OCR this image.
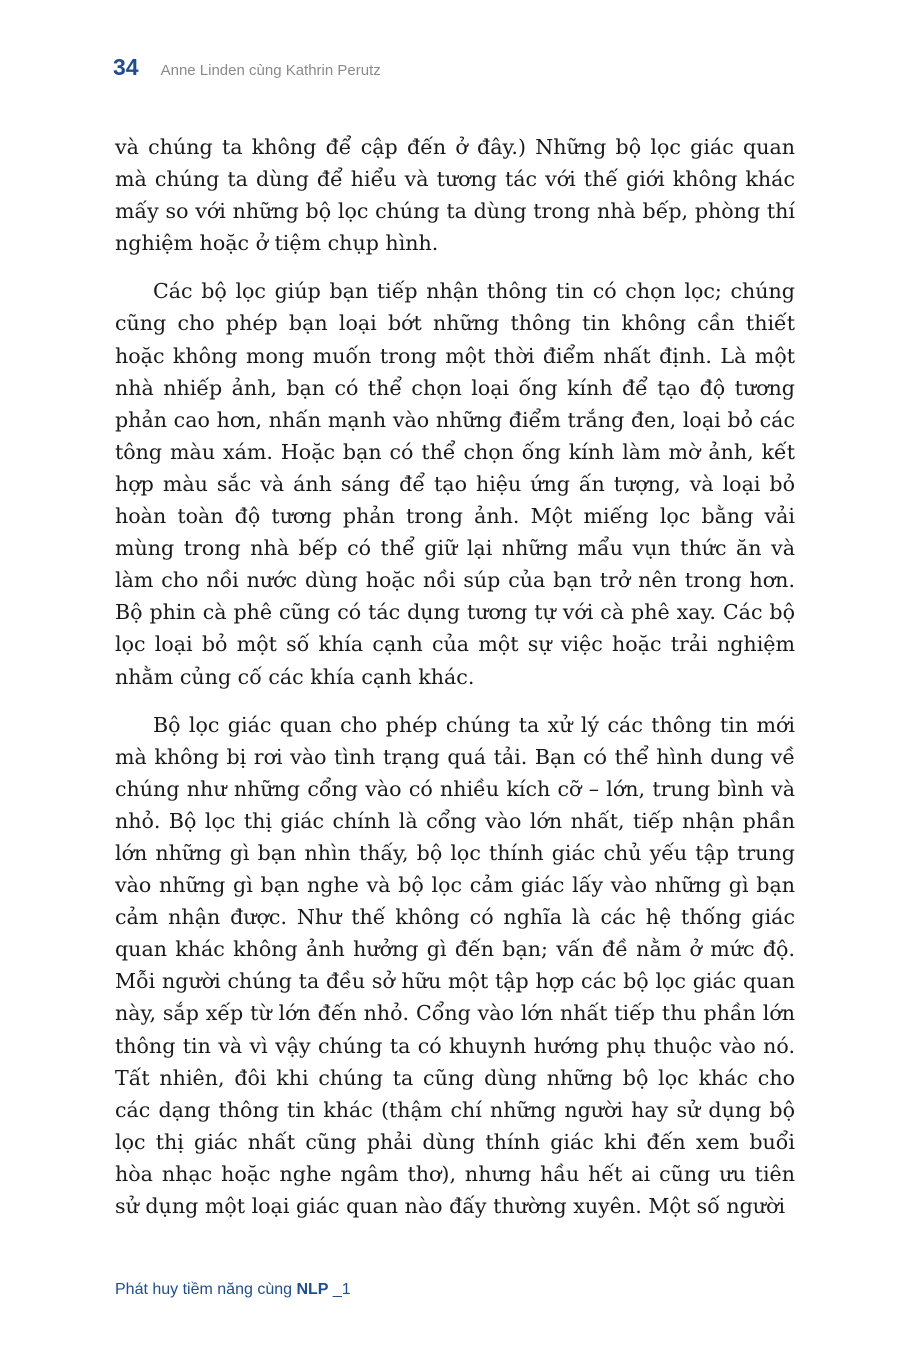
34 Anne Linden cùng Kathrin Perutz

và chúng ta không để cập đến ở đây.) Những bộ lọc giác quan mà chúng ta dùng để hiểu và tương tác với thế giới không khác mấy so với những bộ lọc chúng ta dùng trong nhà bếp, phòng thí nghiệm hoặc ở tiệm chụp hình.

Các bộ lọc giúp bạn tiếp nhận thông tin có chọn lọc; chúng cũng cho phép bạn loại bớt những thông tin không cần thiết hoặc không mong muốn trong một thời điểm nhất định. Là một nhà nhiếp ảnh, bạn có thể chọn loại ống kính để tạo độ tương phản cao hơn, nhấn mạnh vào những điểm trắng đen, loại bỏ các tông màu xám. Hoặc bạn có thể chọn ống kính làm mờ ảnh, kết hợp màu sắc và ánh sáng để tạo hiệu ứng ấn tượng, và loại bỏ hoàn toàn độ tương phản trong ảnh. Một miếng lọc bằng vải mùng trong nhà bếp có thể giữ lại những mẩu vụn thức ăn và làm cho nồi nước dùng hoặc nồi súp của bạn trở nên trong hơn. Bộ phin cà phê cũng có tác dụng tương tự với cà phê xay. Các bộ lọc loại bỏ một số khía cạnh của một sự việc hoặc trải nghiệm nhằm củng cố các khía cạnh khác.

Bộ lọc giác quan cho phép chúng ta xử lý các thông tin mới mà không bị rơi vào tình trạng quá tải. Bạn có thể hình dung về chúng như những cổng vào có nhiều kích cỡ – lớn, trung bình và nhỏ. Bộ lọc thị giác chính là cổng vào lớn nhất, tiếp nhận phần lớn những gì bạn nhìn thấy, bộ lọc thính giác chủ yếu tập trung vào những gì bạn nghe và bộ lọc cảm giác lấy vào những gì bạn cảm nhận được. Như thế không có nghĩa là các hệ thống giác quan khác không ảnh hưởng gì đến bạn; vấn đề nằm ở mức độ. Mỗi người chúng ta đều sở hữu một tập hợp các bộ lọc giác quan này, sắp xếp từ lớn đến nhỏ. Cổng vào lớn nhất tiếp thu phần lớn thông tin và vì vậy chúng ta có khuynh hướng phụ thuộc vào nó. Tất nhiên, đôi khi chúng ta cũng dùng những bộ lọc khác cho các dạng thông tin khác (thậm chí những người hay sử dụng bộ lọc thị giác nhất cũng phải dùng thính giác khi đến xem buổi hòa nhạc hoặc nghe ngâm thơ), nhưng hầu hết ai cũng ưu tiên sử dụng một loại giác quan nào đấy thường xuyên. Một số người

Phát huy tiềm năng cùng NLP _1
